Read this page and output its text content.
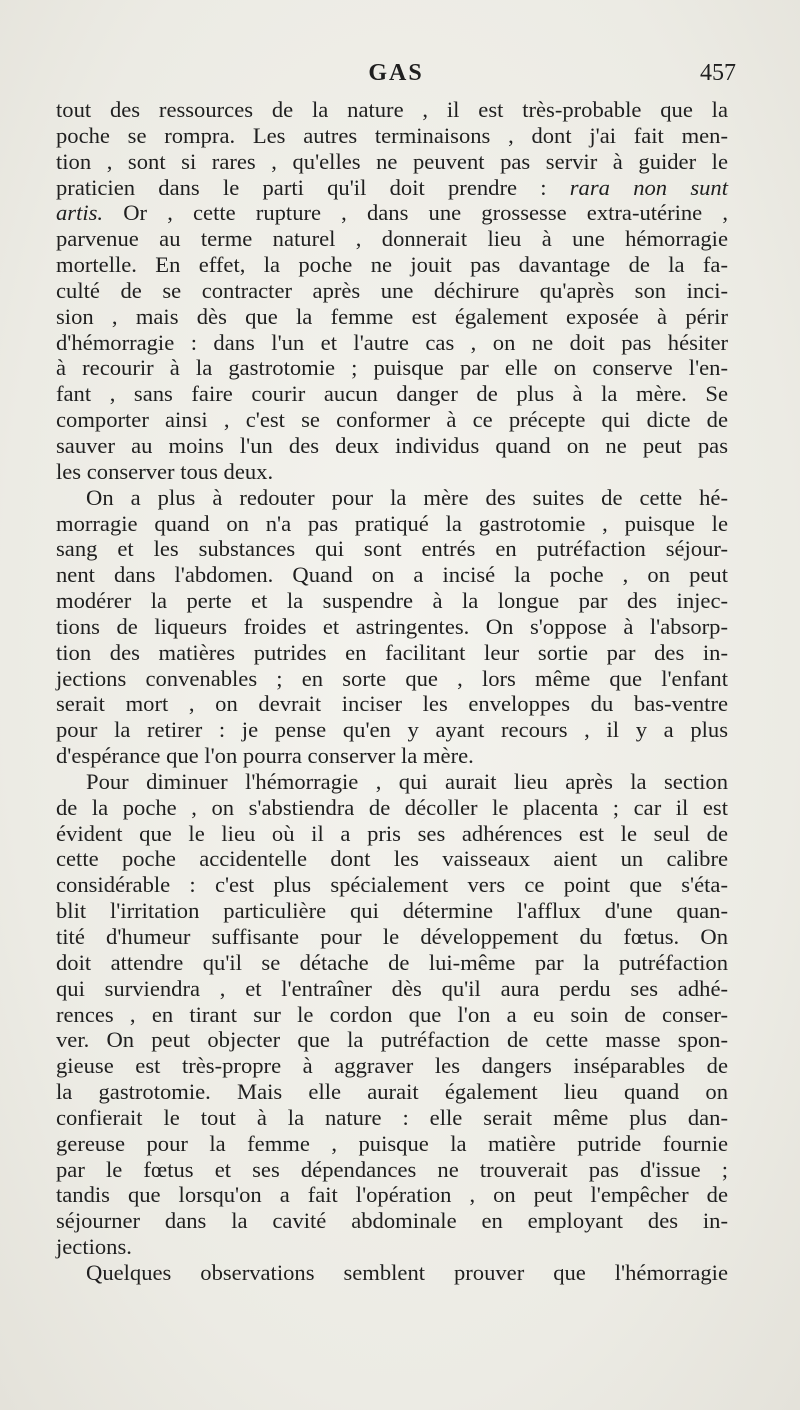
GAS	457
tout des ressources de la nature , il est très-probable que la
poche se rompra. Les autres terminaisons , dont j'ai fait men-
tion , sont si rares , qu'elles ne peuvent pas servir à guider le
praticien dans le parti qu'il doit prendre : rara non sunt
artis. Or , cette rupture , dans une grossesse extra-utérine ,
parvenue au terme naturel , donnerait lieu à une hémorragie
mortelle. En effet, la poche ne jouit pas davantage de la fa-
culté de se contracter après une déchirure qu'après son inci-
sion , mais dès que la femme est également exposée à périr
d'hémorragie : dans l'un et l'autre cas , on ne doit pas hésiter
à recourir à la gastrotomie ; puisque par elle on conserve l'en-
fant , sans faire courir aucun danger de plus à la mère. Se
comporter ainsi , c'est se conformer à ce précepte qui dicte de
sauver au moins l'un des deux individus quand on ne peut pas
les conserver tous deux.
On a plus à redouter pour la mère des suites de cette hé-
morragie quand on n'a pas pratiqué la gastrotomie , puisque le
sang et les substances qui sont entrés en putréfaction séjour-
nent dans l'abdomen. Quand on a incisé la poche , on peut
modérer la perte et la suspendre à la longue par des injec-
tions de liqueurs froides et astringentes. On s'oppose à l'absorp-
tion des matières putrides en facilitant leur sortie par des in-
jections convenables ; en sorte que , lors même que l'enfant
serait mort , on devrait inciser les enveloppes du bas-ventre
pour la retirer : je pense qu'en y ayant recours , il y a plus
d'espérance que l'on pourra conserver la mère.
Pour diminuer l'hémorragie , qui aurait lieu après la section
de la poche , on s'abstiendra de décoller le placenta ; car il est
évident que le lieu où il a pris ses adhérences est le seul de
cette poche accidentelle dont les vaisseaux aient un calibre
considérable : c'est plus spécialement vers ce point que s'éta-
blit l'irritation particulière qui détermine l'afflux d'une quan-
tité d'humeur suffisante pour le développement du fœtus. On
doit attendre qu'il se détache de lui-même par la putréfaction
qui surviendra , et l'entraîner dès qu'il aura perdu ses adhé-
rences , en tirant sur le cordon que l'on a eu soin de conser-
ver. On peut objecter que la putréfaction de cette masse spon-
gieuse est très-propre à aggraver les dangers inséparables de
la gastrotomie. Mais elle aurait également lieu quand on
confierait le tout à la nature : elle serait même plus dan-
gereuse pour la femme , puisque la matière putride fournie
par le fœtus et ses dépendances ne trouverait pas d'issue ;
tandis que lorsqu'on a fait l'opération , on peut l'empêcher de
séjourner dans la cavité abdominale en employant des in-
jections.
Quelques observations semblent prouver que l'hémorragie
